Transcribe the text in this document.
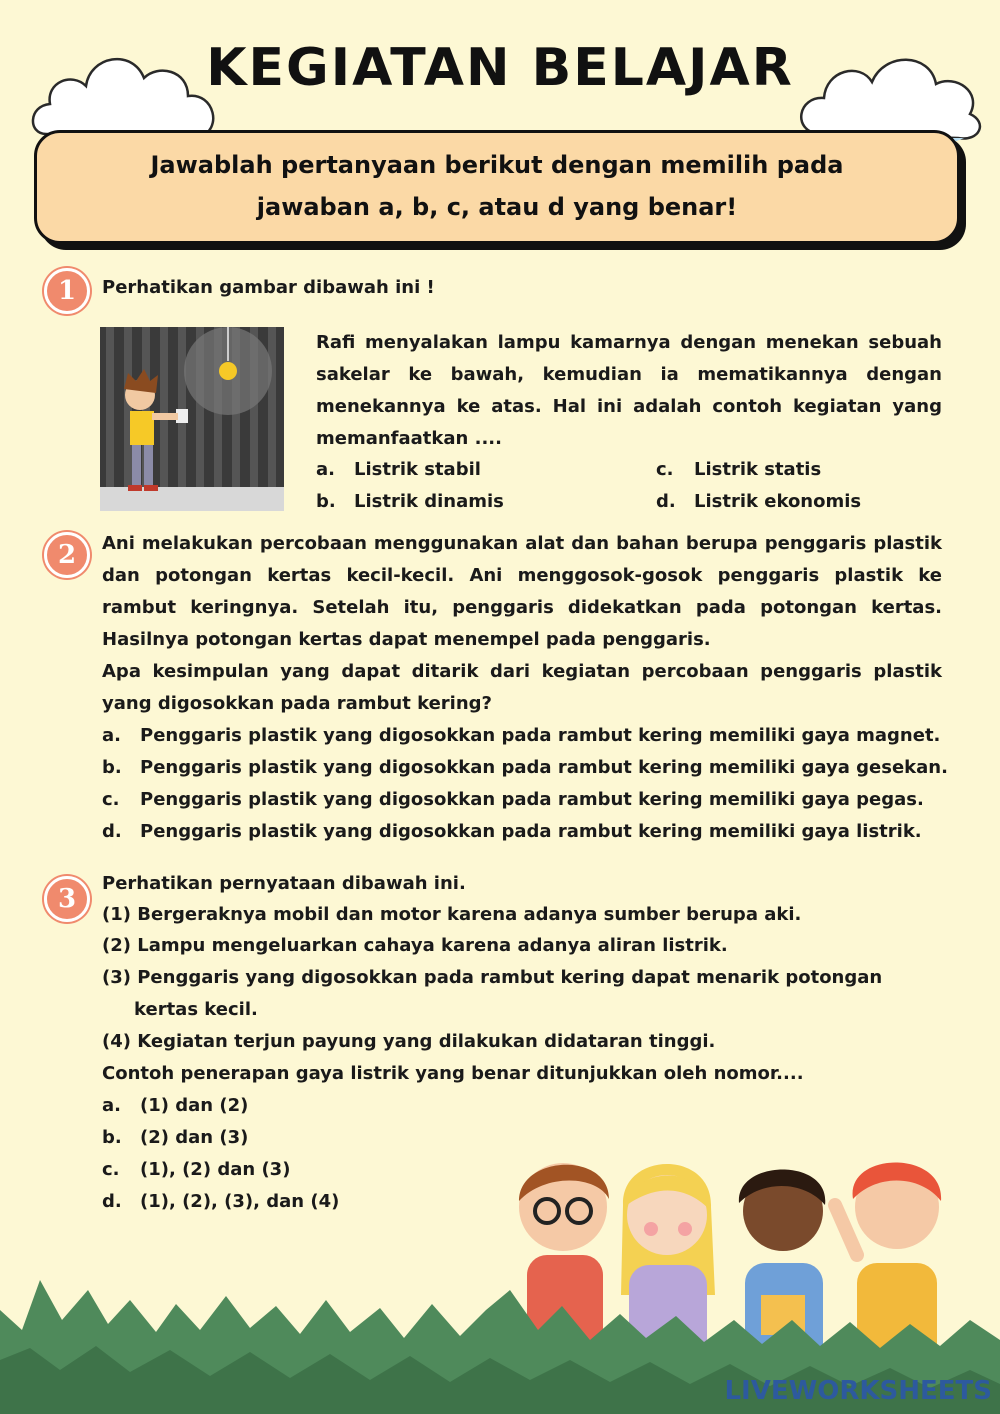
KEGIATAN BELAJAR
Jawablah pertanyaan berikut dengan memilih pada
jawaban a, b, c, atau d yang benar!
1	Perhatikan gambar dibawah ini !
Rafi menyalakan lampu kamarnya dengan menekan sebuah sakelar ke bawah, kemudian ia mematikannya dengan menekannya ke atas. Hal ini adalah contoh kegiatan yang memanfaatkan ....
a. Listrik stabil
b. Listrik dinamis
c. Listrik statis
d. Listrik ekonomis
2	Ani melakukan percobaan menggunakan alat dan bahan berupa penggaris plastik dan potongan kertas kecil-kecil. Ani menggosok-gosok penggaris plastik ke rambut keringnya. Setelah itu, penggaris didekatkan pada potongan kertas. Hasilnya potongan kertas dapat menempel pada penggaris.
Apa kesimpulan yang dapat ditarik dari kegiatan percobaan penggaris plastik yang digosokkan pada rambut kering?
a. Penggaris plastik yang digosokkan pada rambut kering memiliki gaya magnet.
b. Penggaris plastik yang digosokkan pada rambut kering memiliki gaya gesekan.
c. Penggaris plastik yang digosokkan pada rambut kering memiliki gaya pegas.
d. Penggaris plastik yang digosokkan pada rambut kering memiliki gaya listrik.
3
Perhatikan pernyataan dibawah ini.
(1) Bergeraknya mobil dan motor karena adanya sumber berupa aki.
(2) Lampu mengeluarkan cahaya karena adanya aliran listrik.
(3) Penggaris yang digosokkan pada rambut kering dapat menarik potongan
kertas kecil.
(4) Kegiatan terjun payung yang dilakukan didataran tinggi.
Contoh penerapan gaya listrik yang benar ditunjukkan oleh nomor....
a. (1) dan (2)
b. (2) dan (3)
c. (1), (2) dan (3)
d. (1), (2), (3), dan (4)
LIVEWORKSHEETS
